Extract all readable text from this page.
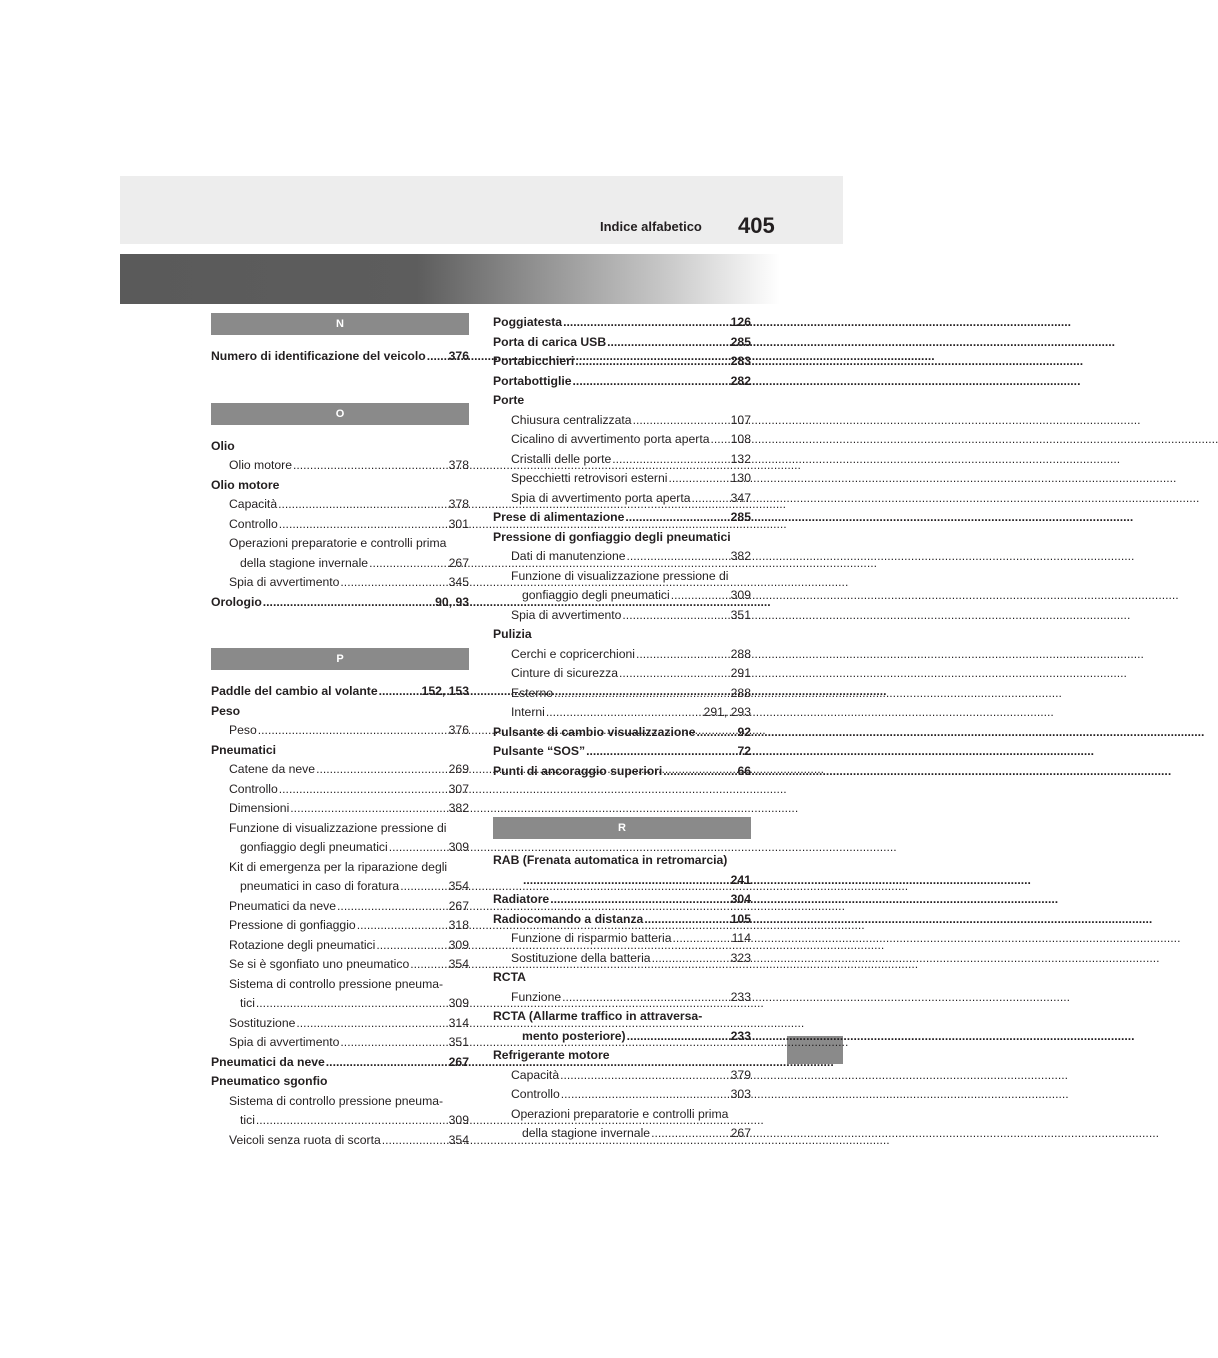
Indice alfabetico 405
N
Numero di identificazione del veicolo ..... 376
O
Olio
Olio motore .....	378
Olio motore
Capacità .....	378
Controllo .....	301
Operazioni preparatorie e controlli prima
della stagione invernale .....	267
Spia di avvertimento .....	345
Orologio .....	90, 93
P
Paddle del cambio al volante .....	152, 153
Peso
Peso .....	376
Pneumatici
Catene da neve .....	269
Controllo .....	307
Dimensioni .....	382
Funzione di visualizzazione pressione di
gonfiaggio degli pneumatici .....	309
Kit di emergenza per la riparazione degli
pneumatici in caso di foratura .....	354
Pneumatici da neve .....	267
Pressione di gonfiaggio .....	318
Rotazione degli pneumatici .....	309
Se si è sgonfiato uno pneumatico .....	354
Sistema di controllo pressione pneuma-
tici .....	309
Sostituzione .....	314
Spia di avvertimento .....	351
Pneumatici da neve .....	267
Pneumatico sgonfio
Sistema di controllo pressione pneuma-
tici .....	309
Veicoli senza ruota di scorta .....	354
Poggiatesta .....	126
Porta di carica USB .....	285
Portabicchieri .....	283
Portabottiglie .....	282
Porte
Chiusura centralizzata .....	107
Cicalino di avvertimento porta aperta ..... 108
Cristalli delle porte .....	132
Specchietti retrovisori esterni .....	130
Spia di avvertimento porta aperta .....	347
Prese di alimentazione .....	285
Pressione di gonfiaggio degli pneumatici
Dati di manutenzione .....	382
Funzione di visualizzazione pressione di
gonfiaggio degli pneumatici .....	309
Spia di avvertimento .....	351
Pulizia
Cerchi e copricerchioni .....	288
Cinture di sicurezza .....	291
Esterno .....	288
Interni .....	291, 293
Pulsante di cambio visualizzazione .....	92
Pulsante “SOS” .....	72
Punti di ancoraggio superiori .....	66
R
RAB (Frenata automatica in retromarcia)
.....
241
Radiatore .....	304
Radiocomando a distanza .....	105
Funzione di risparmio batteria .....	114
Sostituzione della batteria .....	323
RCTA
Funzione .....	233
RCTA (Allarme traffico in attraversa-
mento posteriore) .....	233
Refrigerante motore
Capacità .....	379
Controllo .....	303
Operazioni preparatorie e controlli prima
della stagione invernale .....	267
